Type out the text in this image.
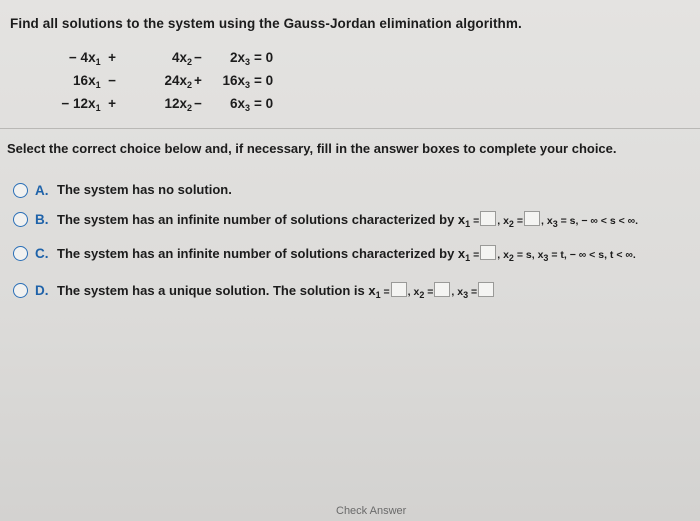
Find all solutions to the system using the Gauss-Jordan elimination algorithm.
− $4x_1$ +	$4x_2$ −	$2x_3 = 0$
$16x_1$ −	$24x_2$ +	$16x_3 = 0$
− $12x_1$ +	$12x_2$ −	$6x_3 = 0$
Select the correct choice below and, if necessary, fill in the answer boxes to complete your choice.
A. The system has no solution.
B. The system has an infinite number of solutions characterized by $x_1$ = , $x_2$ = , $x_3 = s$, − ∞ < s < ∞.
C. The system has an infinite number of solutions characterized by $x_1$ = , $x_2 = s$, $x_3 = t$, − ∞ < s, t < ∞.
D. The system has a unique solution. The solution is $x_1$ = , $x_2$ = , $x_3$ =
Check Answer
